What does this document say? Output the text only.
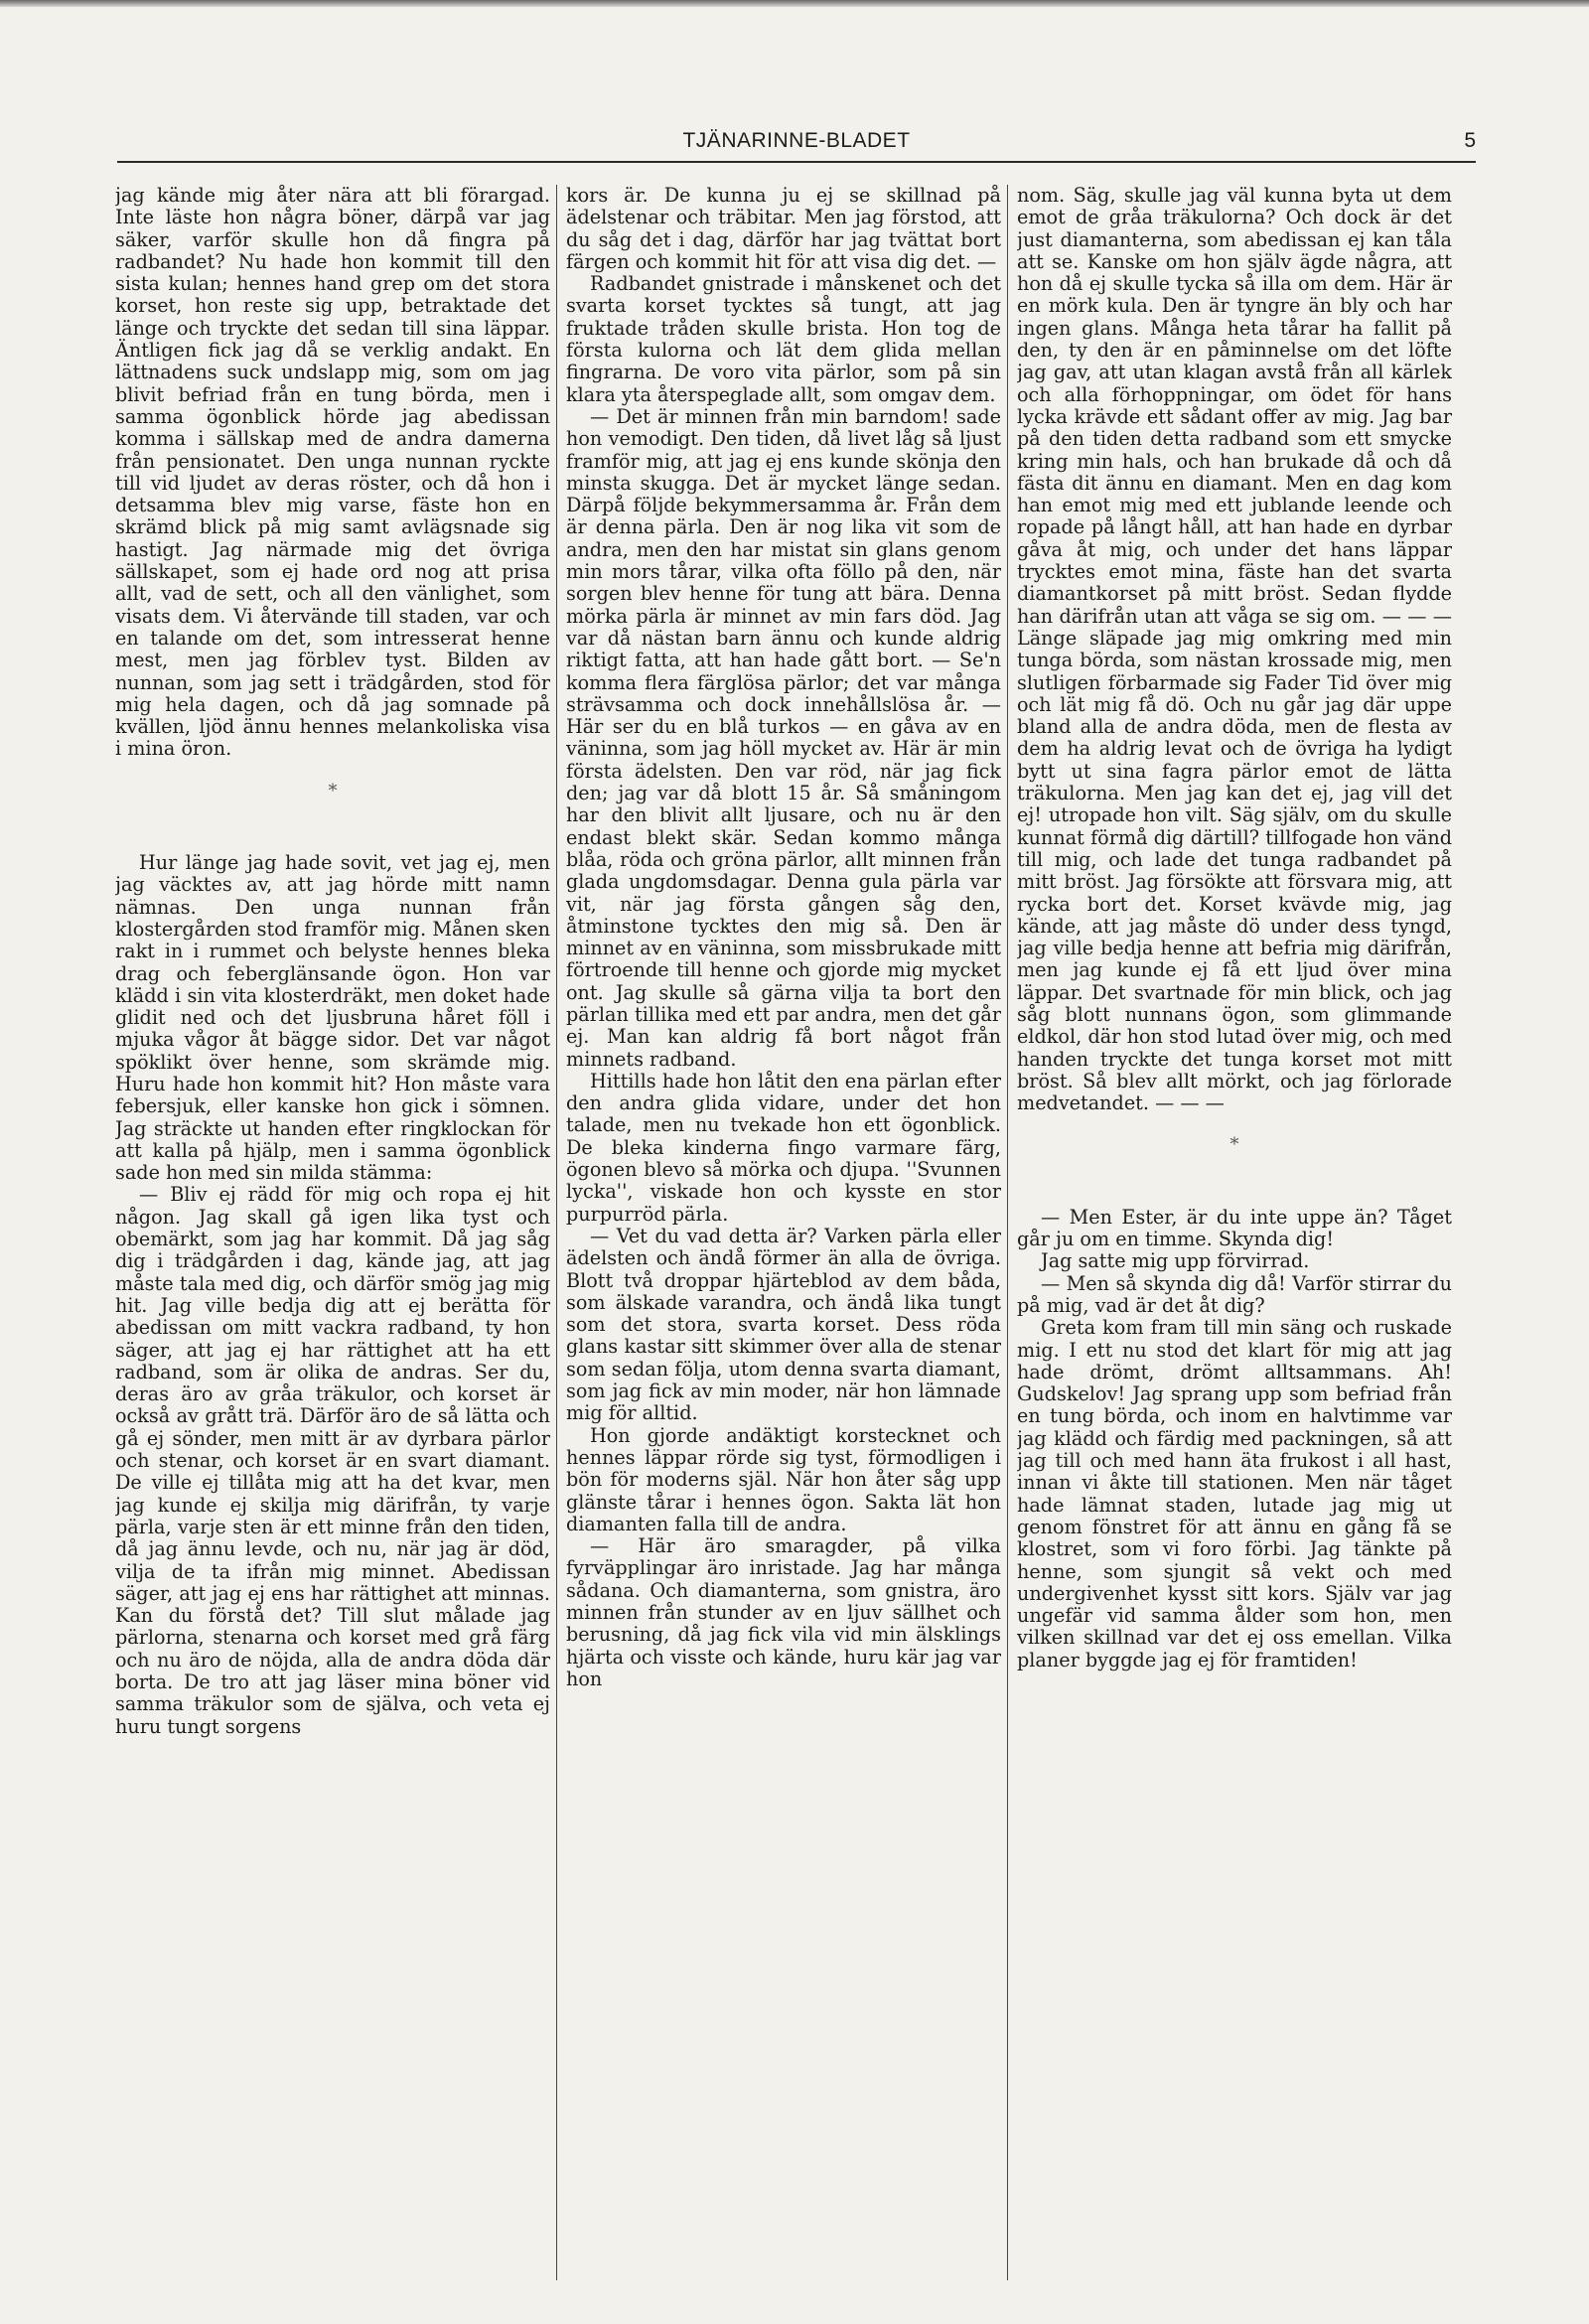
TJÄNARINNE-BLADET	5

jag kände mig åter nära att bli förargad. Inte läste hon några böner, därpå var jag säker, varför skulle hon då fingra på radbandet? Nu hade hon kommit till den sista kulan; hennes hand grep om det stora korset, hon reste sig upp, betraktade det länge och tryckte det sedan till sina läppar. Äntligen fick jag då se verklig andakt. En lättnadens suck undslapp mig, som om jag blivit befriad från en tung börda, men i samma ögonblick hörde jag abedissan komma i sällskap med de andra damerna från pensionatet. Den unga nunnan ryckte till vid ljudet av deras röster, och då hon i detsamma blev mig varse, fäste hon en skrämd blick på mig samt avlägsnade sig hastigt. Jag närmade mig det övriga sällskapet, som ej hade ord nog att prisa allt, vad de sett, och all den vänlighet, som visats dem. Vi återvände till staden, var och en talande om det, som intresserat henne mest, men jag förblev tyst. Bilden av nunnan, som jag sett i trädgården, stod för mig hela dagen, och då jag somnade på kvällen, ljöd ännu hennes melankoliska visa i mina öron.

*

Hur länge jag hade sovit, vet jag ej, men jag väcktes av, att jag hörde mitt namn nämnas. Den unga nunnan från klostergården stod framför mig. Månen sken rakt in i rummet och belyste hennes bleka drag och feberglänsande ögon. Hon var klädd i sin vita klosterdräkt, men doket hade glidit ned och det ljusbruna håret föll i mjuka vågor åt bägge sidor. Det var något spöklikt över henne, som skrämde mig. Huru hade hon kommit hit? Hon måste vara febersjuk, eller kanske hon gick i sömnen. Jag sträckte ut handen efter ringklockan för att kalla på hjälp, men i samma ögonblick sade hon med sin milda stämma:

— Bliv ej rädd för mig och ropa ej hit någon. Jag skall gå igen lika tyst och obemärkt, som jag har kommit. Då jag såg dig i trädgården i dag, kände jag, att jag måste tala med dig, och därför smög jag mig hit. Jag ville bedja dig att ej berätta för abedissan om mitt vackra radband, ty hon säger, att jag ej har rättighet att ha ett radband, som är olika de andras. Ser du, deras äro av gråa träkulor, och korset är också av grått trä. Därför äro de så lätta och gå ej sönder, men mitt är av dyrbara pärlor och stenar, och korset är en svart diamant. De ville ej tillåta mig att ha det kvar, men jag kunde ej skilja mig därifrån, ty varje pärla, varje sten är ett minne från den tiden, då jag ännu levde, och nu, när jag är död, vilja de ta ifrån mig minnet. Abedissan säger, att jag ej ens har rättighet att minnas. Kan du förstå det? Till slut målade jag pärlorna, stenarna och korset med grå färg och nu äro de nöjda, alla de andra döda där borta. De tro att jag läser mina böner vid samma träkulor som de själva, och veta ej huru tungt sorgens

kors är. De kunna ju ej se skillnad på ädelstenar och träbitar. Men jag förstod, att du såg det i dag, därför har jag tvättat bort färgen och kommit hit för att visa dig det. —

Radbandet gnistrade i månskenet och det svarta korset tycktes så tungt, att jag fruktade tråden skulle brista. Hon tog de första kulorna och lät dem glida mellan fingrarna. De voro vita pärlor, som på sin klara yta återspeglade allt, som omgav dem.

— Det är minnen från min barndom! sade hon vemodigt. Den tiden, då livet låg så ljust framför mig, att jag ej ens kunde skönja den minsta skugga. Det är mycket länge sedan. Därpå följde bekymmersamma år. Från dem är denna pärla. Den är nog lika vit som de andra, men den har mistat sin glans genom min mors tårar, vilka ofta föllo på den, när sorgen blev henne för tung att bära. Denna mörka pärla är minnet av min fars död. Jag var då nästan barn ännu och kunde aldrig riktigt fatta, att han hade gått bort. — Se'n komma flera färglösa pärlor; det var många strävsamma och dock innehållslösa år. — Här ser du en blå turkos — en gåva av en väninna, som jag höll mycket av. Här är min första ädelsten. Den var röd, när jag fick den; jag var då blott 15 år. Så småningom har den blivit allt ljusare, och nu är den endast blekt skär. Sedan kommo många blåa, röda och gröna pärlor, allt minnen från glada ungdomsdagar. Denna gula pärla var vit, när jag första gången såg den, åtminstone tycktes den mig så. Den är minnet av en väninna, som missbrukade mitt förtroende till henne och gjorde mig mycket ont. Jag skulle så gärna vilja ta bort den pärlan tillika med ett par andra, men det går ej. Man kan aldrig få bort något från minnets radband.

Hittills hade hon låtit den ena pärlan efter den andra glida vidare, under det hon talade, men nu tvekade hon ett ögonblick. De bleka kinderna fingo varmare färg, ögonen blevo så mörka och djupa. ''Svunnen lycka'', viskade hon och kysste en stor purpurröd pärla.

— Vet du vad detta är? Varken pärla eller ädelsten och ändå förmer än alla de övriga. Blott två droppar hjärteblod av dem båda, som älskade varandra, och ändå lika tungt som det stora, svarta korset. Dess röda glans kastar sitt skimmer över alla de stenar som sedan följa, utom denna svarta diamant, som jag fick av min moder, när hon lämnade mig för alltid.

Hon gjorde andäktigt korstecknet och hennes läppar rörde sig tyst, förmodligen i bön för moderns själ. När hon åter såg upp glänste tårar i hennes ögon. Sakta lät hon diamanten falla till de andra.

— Här äro smaragder, på vilka fyrväpplingar äro inristade. Jag har många sådana. Och diamanterna, som gnistra, äro minnen från stunder av en ljuv sällhet och berusning, då jag fick vila vid min älsklings hjärta och visste och kände, huru kär jag var hon

nom. Säg, skulle jag väl kunna byta ut dem emot de gråa träkulorna? Och dock är det just diamanterna, som abedissan ej kan tåla att se. Kanske om hon själv ägde några, att hon då ej skulle tycka så illa om dem. Här är en mörk kula. Den är tyngre än bly och har ingen glans. Många heta tårar ha fallit på den, ty den är en påminnelse om det löfte jag gav, att utan klagan avstå från all kärlek och alla förhoppningar, om ödet för hans lycka krävde ett sådant offer av mig. Jag bar på den tiden detta radband som ett smycke kring min hals, och han brukade då och då fästa dit ännu en diamant. Men en dag kom han emot mig med ett jublande leende och ropade på långt håll, att han hade en dyrbar gåva åt mig, och under det hans läppar trycktes emot mina, fäste han det svarta diamantkorset på mitt bröst. Sedan flydde han därifrån utan att våga se sig om. — — — Länge släpade jag mig omkring med min tunga börda, som nästan krossade mig, men slutligen förbarmade sig Fader Tid över mig och lät mig få dö. Och nu går jag där uppe bland alla de andra döda, men de flesta av dem ha aldrig levat och de övriga ha lydigt bytt ut sina fagra pärlor emot de lätta träkulorna. Men jag kan det ej, jag vill det ej! utropade hon vilt. Säg själv, om du skulle kunnat förmå dig därtill? tillfogade hon vänd till mig, och lade det tunga radbandet på mitt bröst. Jag försökte att försvara mig, att rycka bort det. Korset kvävde mig, jag kände, att jag måste dö under dess tyngd, jag ville bedja henne att befria mig därifrån, men jag kunde ej få ett ljud över mina läppar. Det svartnade för min blick, och jag såg blott nunnans ögon, som glimmande eldkol, där hon stod lutad över mig, och med handen tryckte det tunga korset mot mitt bröst. Så blev allt mörkt, och jag förlorade medvetandet. — — —

*

— Men Ester, är du inte uppe än? Tåget går ju om en timme. Skynda dig!

Jag satte mig upp förvirrad.

— Men så skynda dig då! Varför stirrar du på mig, vad är det åt dig?

Greta kom fram till min säng och ruskade mig. I ett nu stod det klart för mig att jag hade drömt, drömt alltsammans. Ah! Gudskelov! Jag sprang upp som befriad från en tung börda, och inom en halvtimme var jag klädd och färdig med packningen, så att jag till och med hann äta frukost i all hast, innan vi åkte till stationen. Men när tåget hade lämnat staden, lutade jag mig ut genom fönstret för att ännu en gång få se klostret, som vi foro förbi. Jag tänkte på henne, som sjungit så vekt och med undergivenhet kysst sitt kors. Själv var jag ungefär vid samma ålder som hon, men vilken skillnad var det ej oss emellan. Vilka planer byggde jag ej för framtiden!
